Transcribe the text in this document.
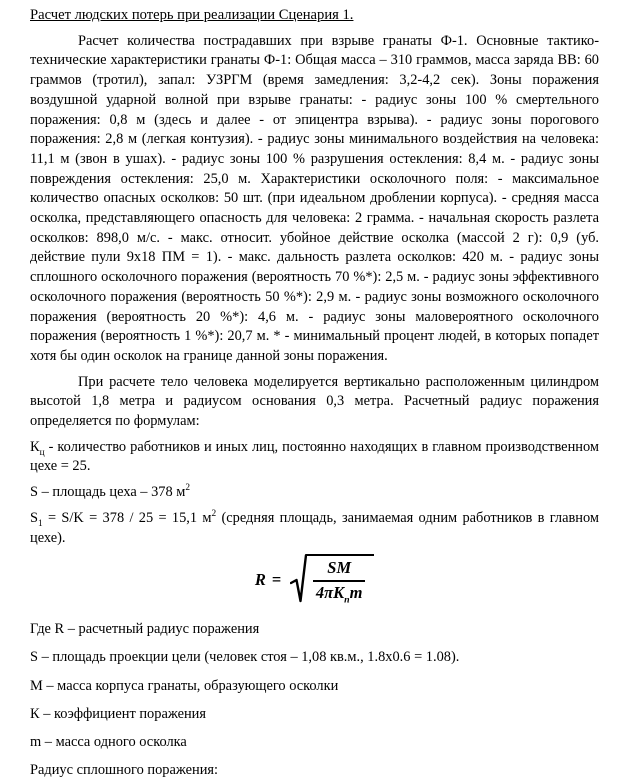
Расчет людских потерь при реализации Сценария 1.

Расчет количества пострадавших при взрыве гранаты Ф-1. Основные тактико-технические характеристики гранаты Ф-1: Общая масса – 310 граммов, масса заряда ВВ: 60 граммов (тротил), запал: УЗРГМ (время замедления: 3,2-4,2 сек). Зоны поражения воздушной ударной волной при взрыве гранаты: - радиус зоны 100 % смертельного поражения: 0,8 м (здесь и далее - от эпицентра взрыва). - радиус зоны порогового поражения: 2,8 м (легкая контузия). - радиус зоны минимального воздействия на человека: 11,1 м (звон в ушах). - радиус зоны 100 % разрушения остекления: 8,4 м. - радиус зоны повреждения остекления: 25,0 м. Характеристики осколочного поля: - максимальное количество опасных осколков: 50 шт. (при идеальном дроблении корпуса). - средняя масса осколка, представляющего опасность для человека: 2 грамма. - начальная скорость разлета осколков: 898,0 м/с. - макс. относит. убойное действие осколка (массой 2 г): 0,9 (уб. действие пули 9х18 ПМ = 1). - макс. дальность разлета осколков: 420 м. - радиус зоны сплошного осколочного поражения (вероятность 70 %*): 2,5 м. - радиус зоны эффективного осколочного поражения (вероятность 50 %*): 2,9 м. - радиус зоны возможного осколочного поражения (вероятность 20 %*): 4,6 м. - радиус зоны маловероятного осколочного поражения (вероятность 1 %*): 20,7 м. * - минимальный процент людей, в которых попадет хотя бы один осколок на границе данной зоны поражения.

При расчете тело человека моделируется вертикально расположенным цилиндром высотой 1,8 метра и радиусом основания 0,3 метра. Расчетный радиус поражения определяется по формулам:

$К_ц$ - количество работников и иных лиц, постоянно находящих в главном производственном цехе = 25.

S – площадь цеха – 378 $м^2$

$S_1 = S/K = 378 / 25 = 15,1$ $м^2$ (средняя площадь, занимаемая одним работников в главном цехе).

$R = \frac{SM}{4\pi K_пm}$

Где R – расчетный радиус поражения

S – площадь проекции цели (человек стоя – 1,08 кв.м., 1.8х0.6 = 1.08).

М – масса корпуса гранаты, образующего осколки

К – коэффициент поражения

m – масса одного осколка

Радиус сплошного поражения:
